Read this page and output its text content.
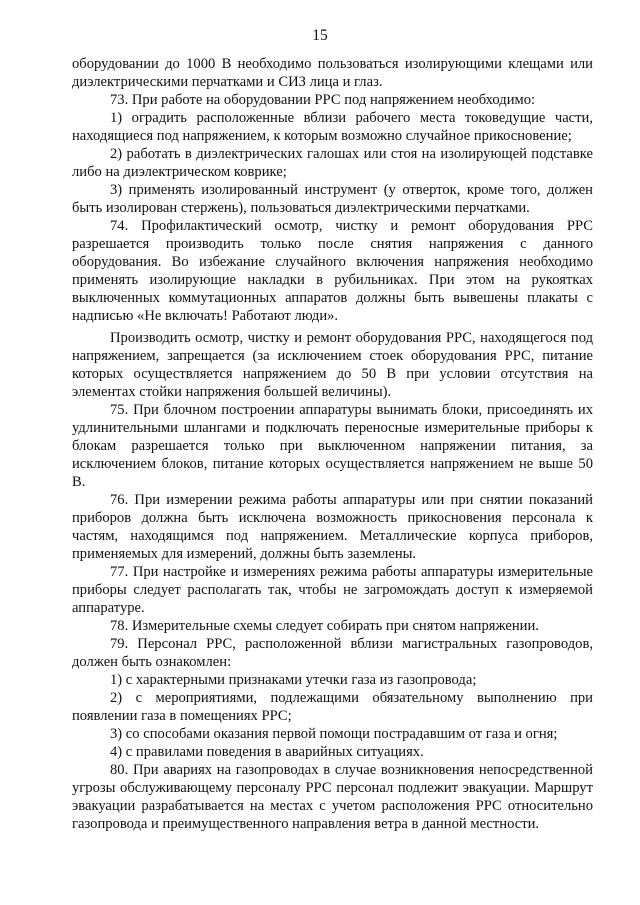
15

оборудовании до 1000 В необходимо пользоваться изолирующими клещами или диэлектрическими перчатками и СИЗ лица и глаз.

73. При работе на оборудовании РРС под напряжением необходимо:

1) оградить расположенные вблизи рабочего места токоведущие части, находящиеся под напряжением, к которым возможно случайное прикосновение;

2) работать в диэлектрических галошах или стоя на изолирующей подставке либо на диэлектрическом коврике;

3) применять изолированный инструмент (у отверток, кроме того, должен быть изолирован стержень), пользоваться диэлектрическими перчатками.

74. Профилактический осмотр, чистку и ремонт оборудования РРС разрешается производить только после снятия напряжения с данного оборудования. Во избежание случайного включения напряжения необходимо применять изолирующие накладки в рубильниках. При этом на рукоятках выключенных коммутационных аппаратов должны быть вывешены плакаты с надписью «Не включать! Работают люди».

Производить осмотр, чистку и ремонт оборудования РРС, находящегося под напряжением, запрещается (за исключением стоек оборудования РРС, питание которых осуществляется напряжением до 50 В при условии отсутствия на элементах стойки напряжения большей величины).

75. При блочном построении аппаратуры вынимать блоки, присоединять их удлинительными шлангами и подключать переносные измерительные приборы к блокам разрешается только при выключенном напряжении питания, за исключением блоков, питание которых осуществляется напряжением не выше 50 В.

76. При измерении режима работы аппаратуры или при снятии показаний приборов должна быть исключена возможность прикосновения персонала к частям, находящимся под напряжением. Металлические корпуса приборов, применяемых для измерений, должны быть заземлены.

77. При настройке и измерениях режима работы аппаратуры измерительные приборы следует располагать так, чтобы не загромождать доступ к измеряемой аппаратуре.

78. Измерительные схемы следует собирать при снятом напряжении.

79. Персонал РРС, расположенной вблизи магистральных газопроводов, должен быть ознакомлен:

1) с характерными признаками утечки газа из газопровода;

2) с мероприятиями, подлежащими обязательному выполнению при появлении газа в помещениях РРС;

3) со способами оказания первой помощи пострадавшим от газа и огня;

4) с правилами поведения в аварийных ситуациях.

80. При авариях на газопроводах в случае возникновения непосредственной угрозы обслуживающему персоналу РРС персонал подлежит эвакуации. Маршрут эвакуации разрабатывается на местах с учетом расположения РРС относительно газопровода и преимущественного направления ветра в данной местности.
